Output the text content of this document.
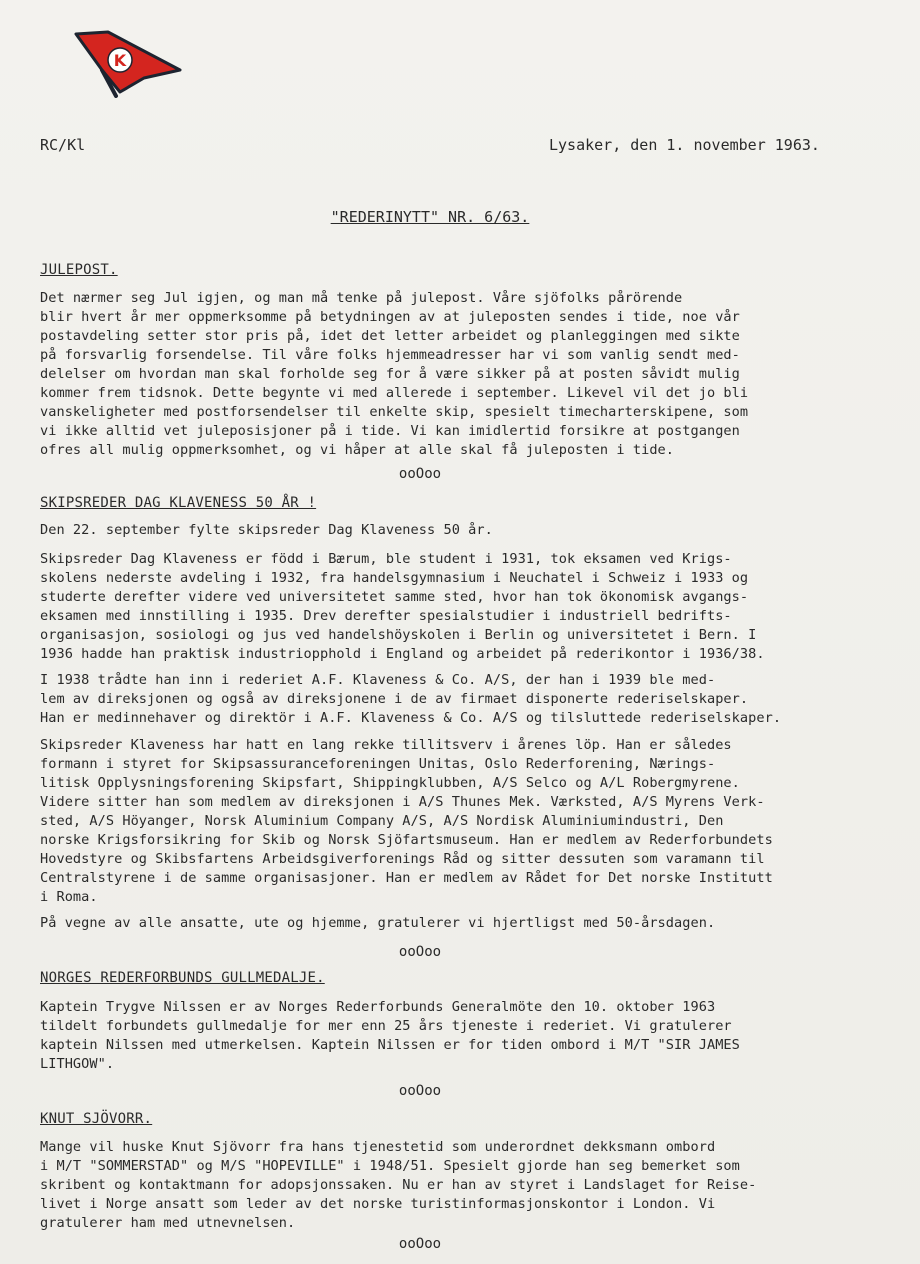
K
RC/Kl	Lysaker, den 1. november 1963.
"REDERINYTT" NR. 6/63.
JULEPOST.
Det nærmer seg Jul igjen, og man må tenke på julepost. Våre sjöfolks pårörende
blir hvert år mer oppmerksomme på betydningen av at juleposten sendes i tide, noe vår
postavdeling setter stor pris på, idet det letter arbeidet og planleggingen med sikte
på forsvarlig forsendelse. Til våre folks hjemmeadresser har vi som vanlig sendt med-
delelser om hvordan man skal forholde seg for å være sikker på at posten såvidt mulig
kommer frem tidsnok. Dette begynte vi med allerede i september. Likevel vil det jo bli
vanskeligheter med postforsendelser til enkelte skip, spesielt timecharterskipene, som
vi ikke alltid vet juleposisjoner på i tide. Vi kan imidlertid forsikre at postgangen
ofres all mulig oppmerksomhet, og vi håper at alle skal få juleposten i tide.
ooOoo
SKIPSREDER DAG KLAVENESS 50 ÅR !
Den 22. september fylte skipsreder Dag Klaveness 50 år.
Skipsreder Dag Klaveness er född i Bærum, ble student i 1931, tok eksamen ved Krigs-
skolens nederste avdeling i 1932, fra handelsgymnasium i Neuchatel i Schweiz i 1933 og
studerte derefter videre ved universitetet samme sted, hvor han tok ökonomisk avgangs-
eksamen med innstilling i 1935. Drev derefter spesialstudier i industriell bedrifts-
organisasjon, sosiologi og jus ved handelshöyskolen i Berlin og universitetet i Bern. I
1936 hadde han praktisk industriopphold i England og arbeidet på rederikontor i 1936/38.
I 1938 trådte han inn i rederiet A.F. Klaveness & Co. A/S, der han i 1939 ble med-
lem av direksjonen og også av direksjonene i de av firmaet disponerte rederiselskaper.
Han er medinnehaver og direktör i A.F. Klaveness & Co. A/S og tilsluttede rederiselskaper.
Skipsreder Klaveness har hatt en lang rekke tillitsverv i årenes löp. Han er således
formann i styret for Skipsassuranceforeningen Unitas, Oslo Rederforening, Nærings-
litisk Opplysningsforening Skipsfart, Shippingklubben, A/S Selco og A/L Robergmyrene.
Videre sitter han som medlem av direksjonen i A/S Thunes Mek. Værksted, A/S Myrens Verk-
sted, A/S Höyanger, Norsk Aluminium Company A/S, A/S Nordisk Aluminiumindustri, Den
norske Krigsforsikring for Skib og Norsk Sjöfartsmuseum. Han er medlem av Rederforbundets
Hovedstyre og Skibsfartens Arbeidsgiverforenings Råd og sitter dessuten som varamann til
Centralstyrene i de samme organisasjoner. Han er medlem av Rådet for Det norske Institutt
i Roma.
På vegne av alle ansatte, ute og hjemme, gratulerer vi hjertligst med 50-årsdagen.
ooOoo
NORGES REDERFORBUNDS GULLMEDALJE.
Kaptein Trygve Nilssen er av Norges Rederforbunds Generalmöte den 10. oktober 1963
tildelt forbundets gullmedalje for mer enn 25 års tjeneste i rederiet. Vi gratulerer
kaptein Nilssen med utmerkelsen. Kaptein Nilssen er for tiden ombord i M/T "SIR JAMES
LITHGOW".
ooOoo
KNUT SJÖVORR.
Mange vil huske Knut Sjövorr fra hans tjenestetid som underordnet dekksmann ombord
i M/T "SOMMERSTAD" og M/S "HOPEVILLE" i 1948/51. Spesielt gjorde han seg bemerket som
skribent og kontaktmann for adopsjonssaken. Nu er han av styret i Landslaget for Reise-
livet i Norge ansatt som leder av det norske turistinformasjonskontor i London. Vi
gratulerer ham med utnevnelsen.
ooOoo
